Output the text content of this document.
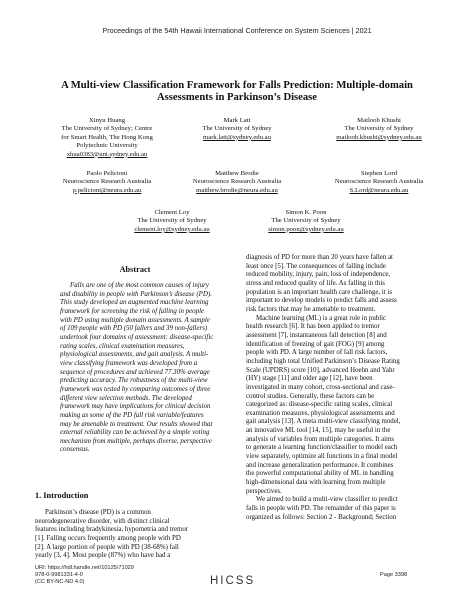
Proceedings of the 54th Hawaii International Conference on System Sciences | 2021
A Multi-view Classification Framework for Falls Prediction: Multiple-domain
Assessments in Parkinson’s Disease
Xinyu Huang
The University of Sydney; Centre
for Smart Health, The Hong Kong
Polytechnic University
xhua0383@uni.sydney.edu.au
Mark Latt
The University of Sydney
mark.latt@sydney.edu.au
Matloob Khushi
The University of Sydney
matloob.khushi@sydney.edu.au
Paolo Pelicioni
Neuroscience Research Australia
p.pelicioni@neura.edu.au
Matthew Brodie
Neuroscience Research Australia
matthew.brodie@neura.edu.au
Stephen Lord
Neuroscience Research Australia
S.Lord@neura.edu.au
Clement Loy
The University of Sydney
clement.loy@sydney.edu.au
Simon K. Poon
The University of Sydney
simon.poon@sydney.edu.au
Abstract

Falls are one of the most common causes of injury

and disability in people with Parkinson’s disease (PD).

This study developed an augmented machine learning

framework for screening the risk of falling in people

with PD using multiple domain assessments. A sample

of 109 people with PD (50 fallers and 39 non-fallers)

undertook four domains of assessment: disease-specific

rating scales, clinical examination measures,

physiological assessments, and gait analysis. A multi-

view classifying framework was developed from a

sequence of procedures and achieved 77.30% average

predicting accuracy. The robustness of the multi-view

framework was tested by comparing outcomes of three

different view selection methods. The developed

framework may have implications for clinical decision

making as some of the PD fall risk variable/features

may be amenable to treatment. Our results showed that

external reliability can be achieved by a simple voting

mechanism from multiple, perhaps diverse, perspective

consensus.

1. Introduction

Parkinson’s disease (PD) is a common

neurodegenerative disorder, with distinct clinical

features including bradykinesia, hypometria and tremor

[1]. Falling occurs frequently among people with PD

[2]. A large portion of people with PD (38-68%) fall

yearly [3, 4]. Most people (87%) who have had a

diagnosis of PD for more than 20 years have fallen at

least once [5]. The consequences of falling include

reduced mobility, injury, pain, loss of independence,

stress and reduced quality of life. As falling in this

population is an important health care challenge, it is

important to develop models to predict falls and assess

risk factors that may be amenable to treatment.

Machine learning (ML) is a great role in public

health research [6]. It has been applied to tremor

assessment [7], instantaneous fall detection [8] and

identification of freezing of gait (FOG) [9] among

people with PD. A large number of fall risk factors,

including high total Unified Parkinson’s Disease Rating

Scale (UPDRS) score [10], advanced Hoehn and Yahr

(HY) stage [11] and older age [12], have been

investigated in many cohort, cross-sectional and case-

control studies. Generally, these factors can be

categorized as: disease-specific rating scales, clinical

examination measures, physiological assessments and

gait analysis [13]. A meta multi-view classifying model,

an innovative ML tool [14, 15], may be useful in the

analysis of variables from multiple categories. It aims

to generate a learning function/classifier to model each

view separately, optimize all functions in a final model

and increase generalization performance. It combines

the powerful computational ability of ML in handling

high-dimensional data with learning from multiple

perspectives.

We aimed to build a multi-view classifier to predict

falls in people with PD. The remainder of this paper is

organized as follows: Section 2 - Background; Section

URI: https://hdl.handle.net/10125/71029
978-0-9981331-4-0
(CC BY-NC-ND 4.0)	HICSS	Page 3398
